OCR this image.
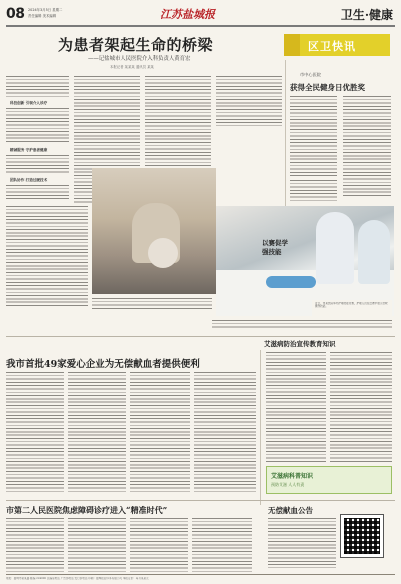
08 2024年3月5日 星期二
责任编辑 美术编辑	江苏盐城报	卫生·健康
为患者架起生命的桥梁
——记盐城市人民医院介入科负责人黄育宏
本报记者 某某某 通讯员 某某
区卫快讯
市中心医院
获得全民健身日优胜奖
科技创新 引领介入诊疗
精诚服务 守护患者健康
团队协作 打造过硬技术
以赛促学
强技能
近日，市某医院举办护理技能竞赛，护理人员在比赛中展示急救操作技能。
艾滋病防治宣传教育知识
我市首批49家爱心企业为无偿献血者提供便利
艾滋病科普知识
预防艾滋 人人有责
市第二人民医院焦虑障碍诊疗进入“精准时代”	无偿献血公告
地址：盐城市某某路 邮编 224000 总编室电话 广告部电话 发行部电话 印刷：盐城报业印务有限公司 本报定价：每月某某元
